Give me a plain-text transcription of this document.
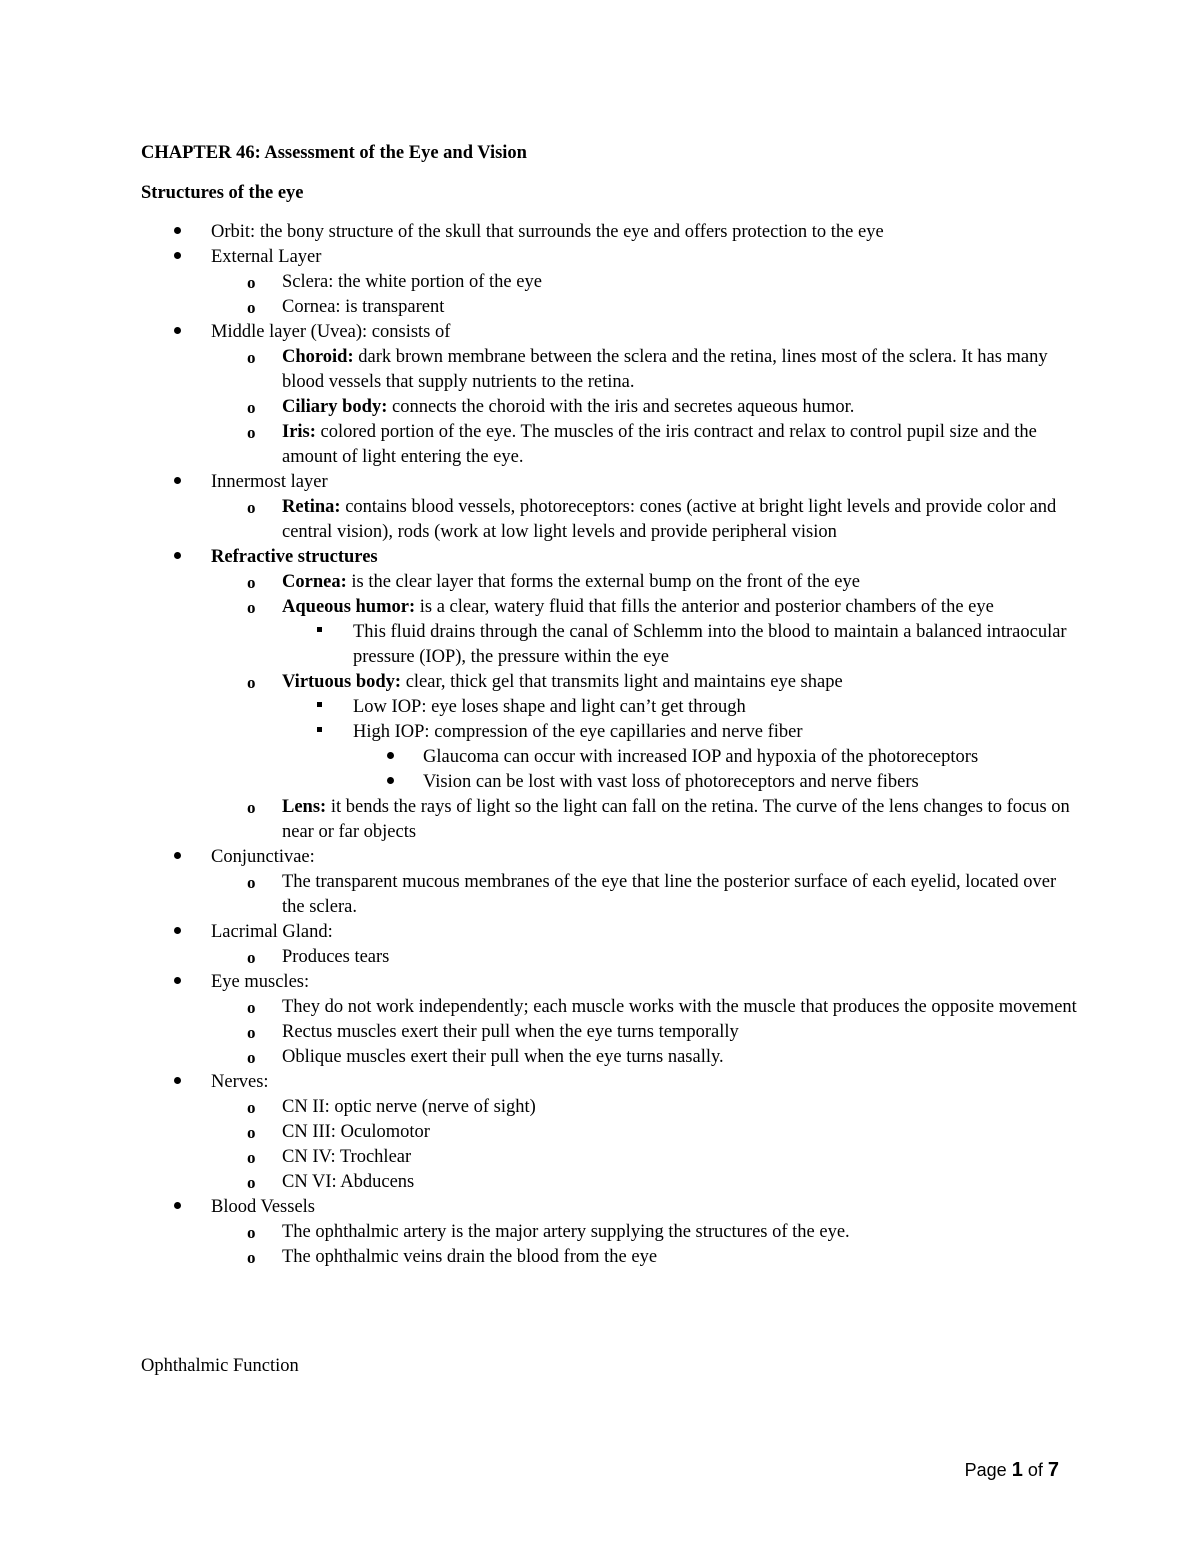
CHAPTER 46: Assessment of the Eye and Vision
Structures of the eye
Orbit: the bony structure of the skull that surrounds the eye and offers protection to the eye
External Layer
o Sclera: the white portion of the eye
o Cornea: is transparent
Middle layer (Uvea): consists of
o Choroid: dark brown membrane between the sclera and the retina, lines most of the sclera. It has many blood vessels that supply nutrients to the retina.
o Ciliary body: connects the choroid with the iris and secretes aqueous humor.
o Iris: colored portion of the eye. The muscles of the iris contract and relax to control pupil size and the amount of light entering the eye.
Innermost layer
o Retina: contains blood vessels, photoreceptors: cones (active at bright light levels and provide color and central vision), rods (work at low light levels and provide peripheral vision
Refractive structures
o Cornea: is the clear layer that forms the external bump on the front of the eye
o Aqueous humor: is a clear, watery fluid that fills the anterior and posterior chambers of the eye
This fluid drains through the canal of Schlemm into the blood to maintain a balanced intraocular pressure (IOP), the pressure within the eye
o Virtuous body: clear, thick gel that transmits light and maintains eye shape
Low IOP: eye loses shape and light can’t get through
High IOP: compression of the eye capillaries and nerve fiber
Glaucoma can occur with increased IOP and hypoxia of the photoreceptors
Vision can be lost with vast loss of photoreceptors and nerve fibers
o Lens: it bends the rays of light so the light can fall on the retina. The curve of the lens changes to focus on near or far objects
Conjunctivae:
o The transparent mucous membranes of the eye that line the posterior surface of each eyelid, located over the sclera.
Lacrimal Gland:
o Produces tears
Eye muscles:
o They do not work independently; each muscle works with the muscle that produces the opposite movement
o Rectus muscles exert their pull when the eye turns temporally
o Oblique muscles exert their pull when the eye turns nasally.
Nerves:
o CN II: optic nerve (nerve of sight)
o CN III: Oculomotor
o CN IV: Trochlear
o CN VI: Abducens
Blood Vessels
o The ophthalmic artery is the major artery supplying the structures of the eye.
o The ophthalmic veins drain the blood from the eye
Ophthalmic Function
Page 1 of 7
